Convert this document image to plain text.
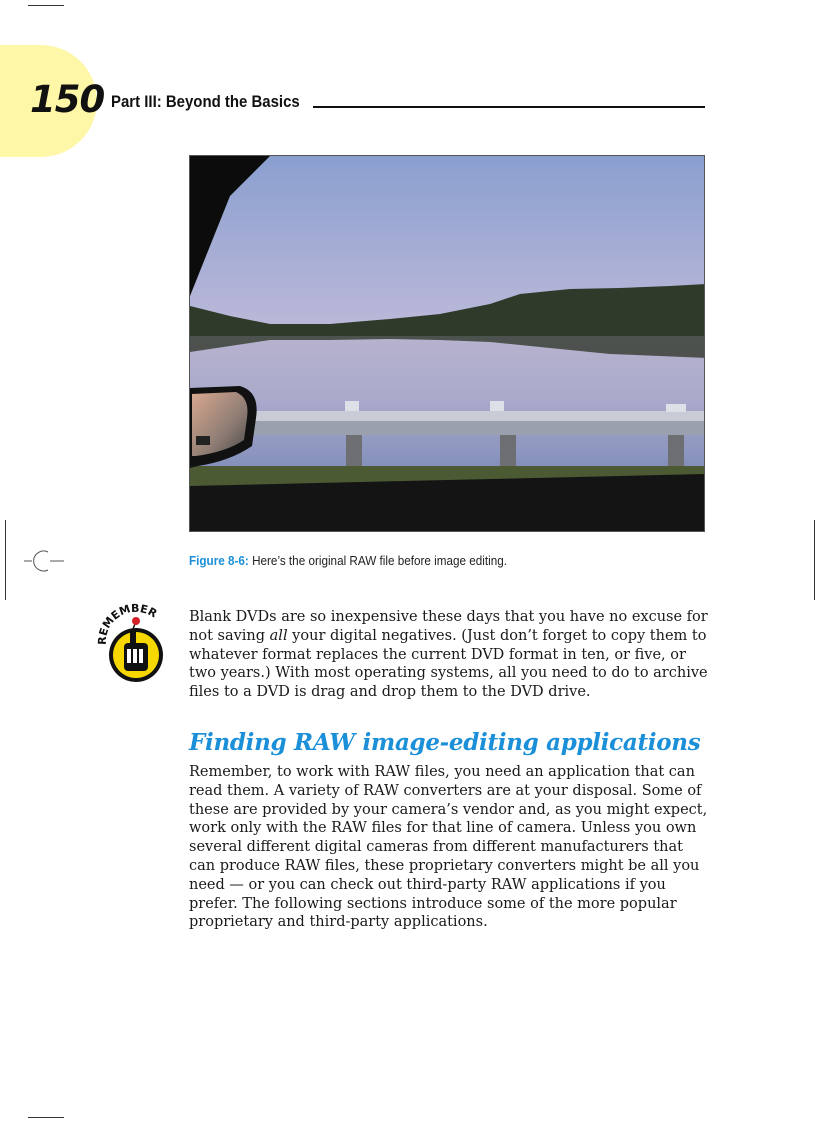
150 Part III: Beyond the Basics
Figure 8-6: Here’s the original RAW file before image editing.
REMEMBER Blank DVDs are so inexpensive these days that you have no excuse for not saving all your digital negatives. (Just don’t forget to copy them to whatever format replaces the current DVD format in ten, or five, or two years.) With most operating systems, all you need to do to archive files to a DVD is drag and drop them to the DVD drive.

Finding RAW image-editing applications

Remember, to work with RAW files, you need an application that can read them. A variety of RAW converters are at your disposal. Some of these are provided by your camera’s vendor and, as you might expect, work only with the RAW files for that line of camera. Unless you own several different digital cameras from different manufacturers that can produce RAW files, these proprietary converters might be all you need — or you can check out third-party RAW applications if you prefer. The following sections introduce some of the more popular proprietary and third-party applications.
